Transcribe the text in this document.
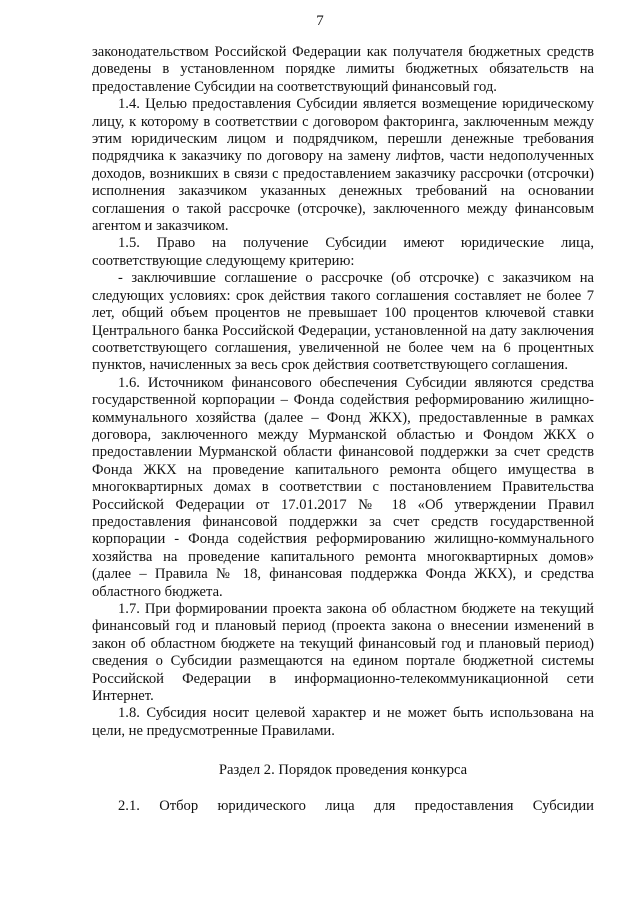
7

законодательством Российской Федерации как получателя бюджетных средств доведены в установленном порядке лимиты бюджетных обязательств на предоставление Субсидии на соответствующий финансовый год.

1.4. Целью предоставления Субсидии является возмещение юридическому лицу, к которому в соответствии с договором факторинга, заключенным между этим юридическим лицом и подрядчиком, перешли денежные требования подрядчика к заказчику по договору на замену лифтов, части недополученных доходов, возникших в связи с предоставлением заказчику рассрочки (отсрочки) исполнения заказчиком указанных денежных требований на основании соглашения о такой рассрочке (отсрочке), заключенного между финансовым агентом и заказчиком.

1.5. Право на получение Субсидии имеют юридические лица, соответствующие следующему критерию:

- заключившие соглашение о рассрочке (об отсрочке) с заказчиком на следующих условиях: срок действия такого соглашения составляет не более 7 лет, общий объем процентов не превышает 100 процентов ключевой ставки Центрального банка Российской Федерации, установленной на дату заключения соответствующего соглашения, увеличенной не более чем на 6 процентных пунктов, начисленных за весь срок действия соответствующего соглашения.

1.6. Источником финансового обеспечения Субсидии являются средства государственной корпорации – Фонда содействия реформированию жилищно-коммунального хозяйства (далее – Фонд ЖКХ), предоставленные в рамках договора, заключенного между Мурманской областью и Фондом ЖКХ о предоставлении Мурманской области финансовой поддержки за счет средств Фонда ЖКХ на проведение капитального ремонта общего имущества в многоквартирных домах в соответствии с постановлением Правительства Российской Федерации от 17.01.2017 № 18 «Об утверждении Правил предоставления финансовой поддержки за счет средств государственной корпорации - Фонда содействия реформированию жилищно-коммунального хозяйства на проведение капитального ремонта многоквартирных домов» (далее – Правила № 18, финансовая поддержка Фонда ЖКХ), и средства областного бюджета.

1.7. При формировании проекта закона об областном бюджете на текущий финансовый год и плановый период (проекта закона о внесении изменений в закон об областном бюджете на текущий финансовый год и плановый период) сведения о Субсидии размещаются на едином портале бюджетной системы Российской Федерации в информационно-телекоммуникационной сети Интернет.

1.8. Субсидия носит целевой характер и не может быть использована на цели, не предусмотренные Правилами.

Раздел 2. Порядок проведения конкурса

2.1. Отбор юридического лица для предоставления Субсидии
